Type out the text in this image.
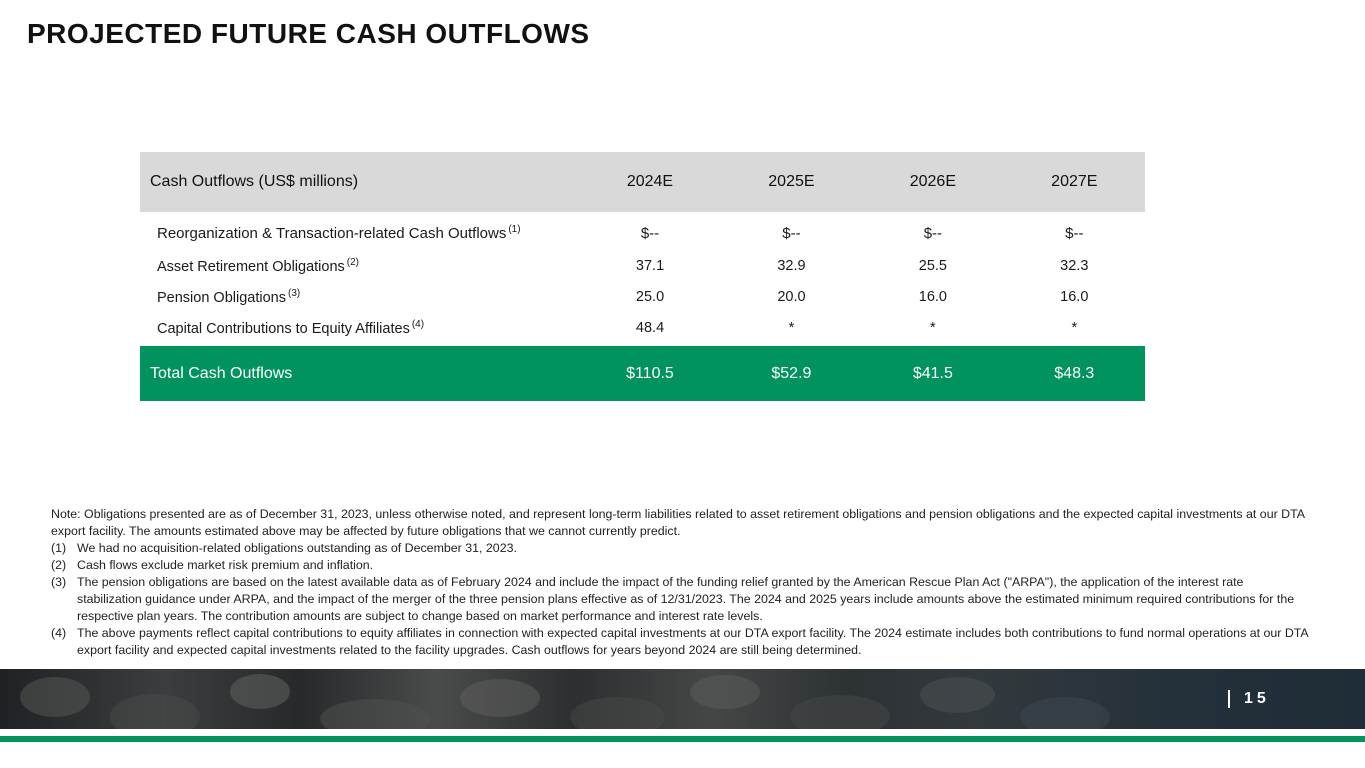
PROJECTED FUTURE CASH OUTFLOWS
Cash Outflows (US$ millions)	2024E	2025E	2026E	2027E
Reorganization & Transaction-related Cash Outflows $^{(1)}$	$--	$--	$--	$--
Asset Retirement Obligations $^{(2)}$	37.1	32.9	25.5	32.3
Pension Obligations $^{(3)}$	25.0	20.0	16.0	16.0
Capital Contributions to Equity Affiliates $^{(4)}$	48.4	*	*	*
Total Cash Outflows	$110.5	$52.9	$41.5	$48.3

Note: Obligations presented are as of December 31, 2023, unless otherwise noted, and represent long-term liabilities related to asset retirement obligations and pension obligations and the expected capital investments at our DTA export facility. The amounts estimated above may be affected by future obligations that we cannot currently predict.

(1) We had no acquisition-related obligations outstanding as of December 31, 2023.
(2) Cash flows exclude market risk premium and inflation.
(3) The pension obligations are based on the latest available data as of February 2024 and include the impact of the funding relief granted by the American Rescue Plan Act ("ARPA"), the application of the interest rate stabilization guidance under ARPA, and the impact of the merger of the three pension plans effective as of 12/31/2023. The 2024 and 2025 years include amounts above the estimated minimum required contributions for the respective plan years. The contribution amounts are subject to change based on market performance and interest rate levels.
(4) The above payments reflect capital contributions to equity affiliates in connection with expected capital investments at our DTA export facility. The 2024 estimate includes both contributions to fund normal operations at our DTA export facility and expected capital investments related to the facility upgrades. Cash outflows for years beyond 2024 are still being determined.
AMR INVESTOR PRESENTATION
FEBRUARY 2024
15
